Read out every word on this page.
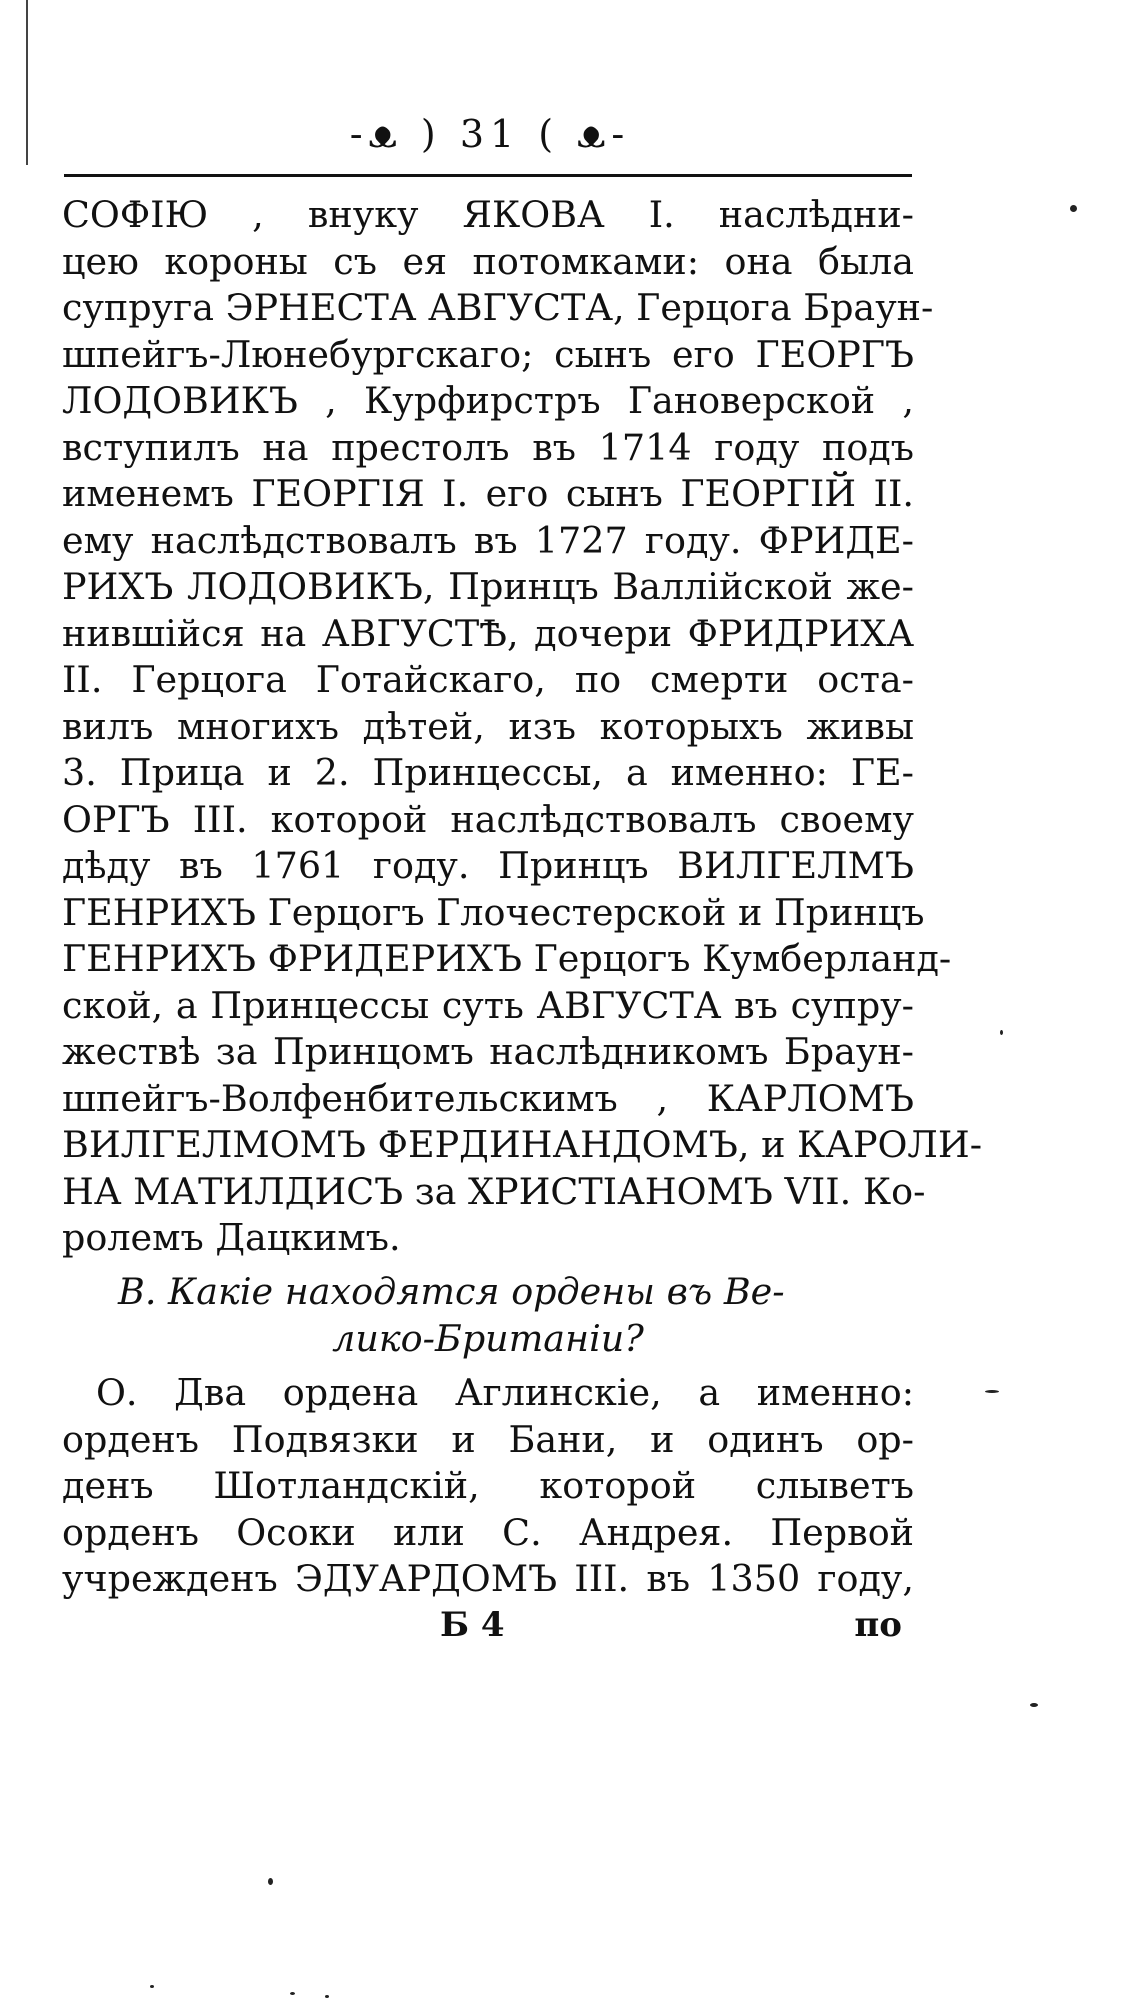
-ᴥ ) 31 ( ᴥ-
СОФІЮ , внуку ЯКОВА І. наслѣдни-
цею короны съ ея потомками: она была
супруга ЭРНЕСТА АВГУСТА, Герцога Браун-
шпейгъ-Люнебургскаго; сынъ его ГЕОРГЪ
ЛОДОВИКЪ , Курфирстръ Гановерской ,
вступилъ на престолъ въ 1714 году подъ
именемъ ГЕОРГІЯ І. его сынъ ГЕОРГІЙ ІІ.
ему наслѣдствовалъ въ 1727 году. ФРИДЕ-
РИХЪ ЛОДОВИКЪ, Принцъ Валлійской же-
нившійся на АВГУСТѢ, дочери ФРИДРИХА
ІІ. Герцога Готайскаго, по смерти оста-
вилъ многихъ дѣтей, изъ которыхъ живы
3. Прица и 2. Принцессы, а именно: ГЕ-
ОРГЪ ІІІ. которой наслѣдствовалъ своему
дѣду въ 1761 году. Принцъ ВИЛГЕЛМЪ
ГЕНРИХЪ Герцогъ Глочестерской и Принцъ
ГЕНРИХЪ ФРИДЕРИХЪ Герцогъ Кумберланд-
ской, а Принцессы суть АВГУСТА въ супру-
жествѣ за Принцомъ наслѣдникомъ Браун-
шпейгъ-Волфенбительскимъ , КАРЛОМЪ
ВИЛГЕЛМОМЪ ФЕРДИНАНДОМЪ, и КАРОЛИ-
НА МАТИЛДИСЪ за ХРИСТІАНОМЪ VII. Ко-
ролемъ Дацкимъ.
В. Какіе находятся ордены въ Ве-
лико-Британіи?
О. Два ордена Аглинскіе, а именно:
орденъ Подвязки и Бани, и одинъ ор-
денъ Шотландскій, которой слыветъ
орденъ Осоки или С. Андрея. Первой
учрежденъ ЭДУАРДОМЪ ІІІ. въ 1350 году,
Б 4	по
